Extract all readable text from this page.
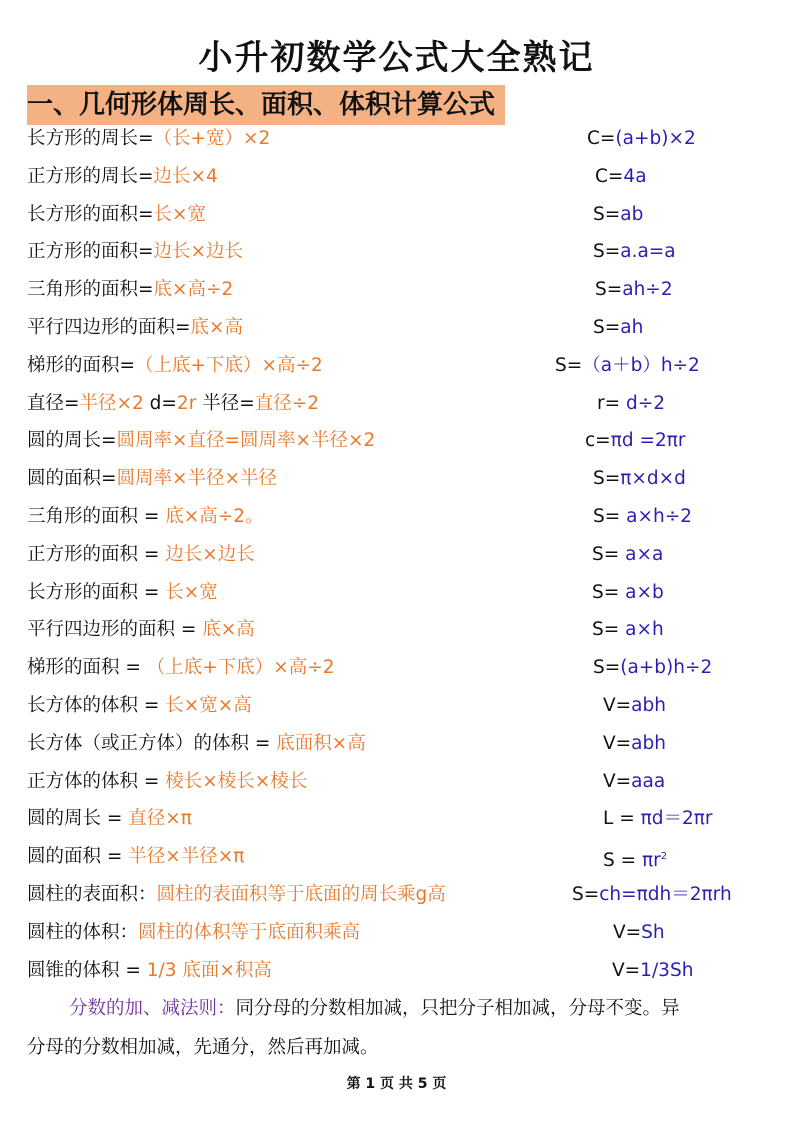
小升初数学公式大全熟记
一、几何形体周长、面积、体积计算公式
长方形的周长=（长+宽）×2	C=(a+b)×2
正方形的周长=边长×4	C=4a
长方形的面积=长×宽	S=ab
正方形的面积=边长×边长	S=a.a=a
三角形的面积=底×高÷2	S=ah÷2
平行四边形的面积=底×高	S=ah
梯形的面积=（上底+下底）×高÷2	S=（a＋b）h÷2
直径=半径×2 d=2r 半径=直径÷2	r= d÷2
圆的周长=圆周率×直径=圆周率×半径×2	c=πd =2πr
圆的面积=圆周率×半径×半径	S=π×d×d
三角形的面积 = 底×高÷2。	S= a×h÷2
正方形的面积 = 边长×边长	S= a×a
长方形的面积 = 长×宽	S= a×b
平行四边形的面积 = 底×高	S= a×h
梯形的面积 = （上底+下底）×高÷2	S=(a+b)h÷2
长方体的体积 = 长×宽×高	V=abh
长方体（或正方体）的体积 = 底面积×高	V=abh
正方体的体积 = 棱长×棱长×棱长	V=aaa
圆的周长 = 直径×π	L = πd＝2πr
圆的面积 = 半径×半径×π	$S = \pi r^2$
圆柱的表面积：圆柱的表面积等于底面的周长乘g高	S=ch=πdh＝2πrh
圆柱的体积：圆柱的体积等于底面积乘高	V=Sh
圆锥的体积 = 1/3 底面×积高	V=1/3Sh
分数的加、减法则：同分母的分数相加减，只把分子相加减，分母不变。异
分母的分数相加减，先通分，然后再加减。
第 1 页 共 5 页
